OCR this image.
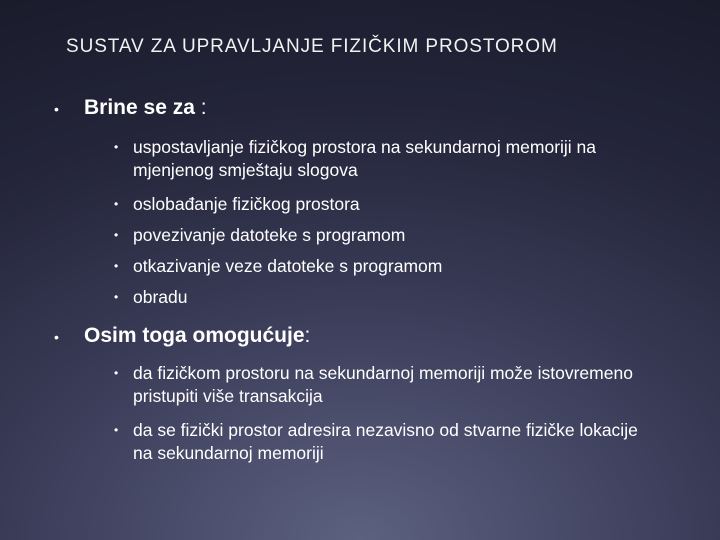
SUSTAV ZA UPRAVLJANJE FIZIČKIM PROSTOROM
•	Brine se za :
• uspostavljanje fizičkog prostora na sekundarnoj memoriji na mjenjenog smještaju slogova
• oslobađanje fizičkog prostora
• povezivanje datoteke s programom
• otkazivanje veze datoteke s programom
• obradu
•	Osim toga omogućuje:
• da fizičkom prostoru na sekundarnoj memoriji može istovremeno pristupiti više transakcija
• da se fizički prostor adresira nezavisno od stvarne fizičke lokacije na sekundarnoj memoriji
